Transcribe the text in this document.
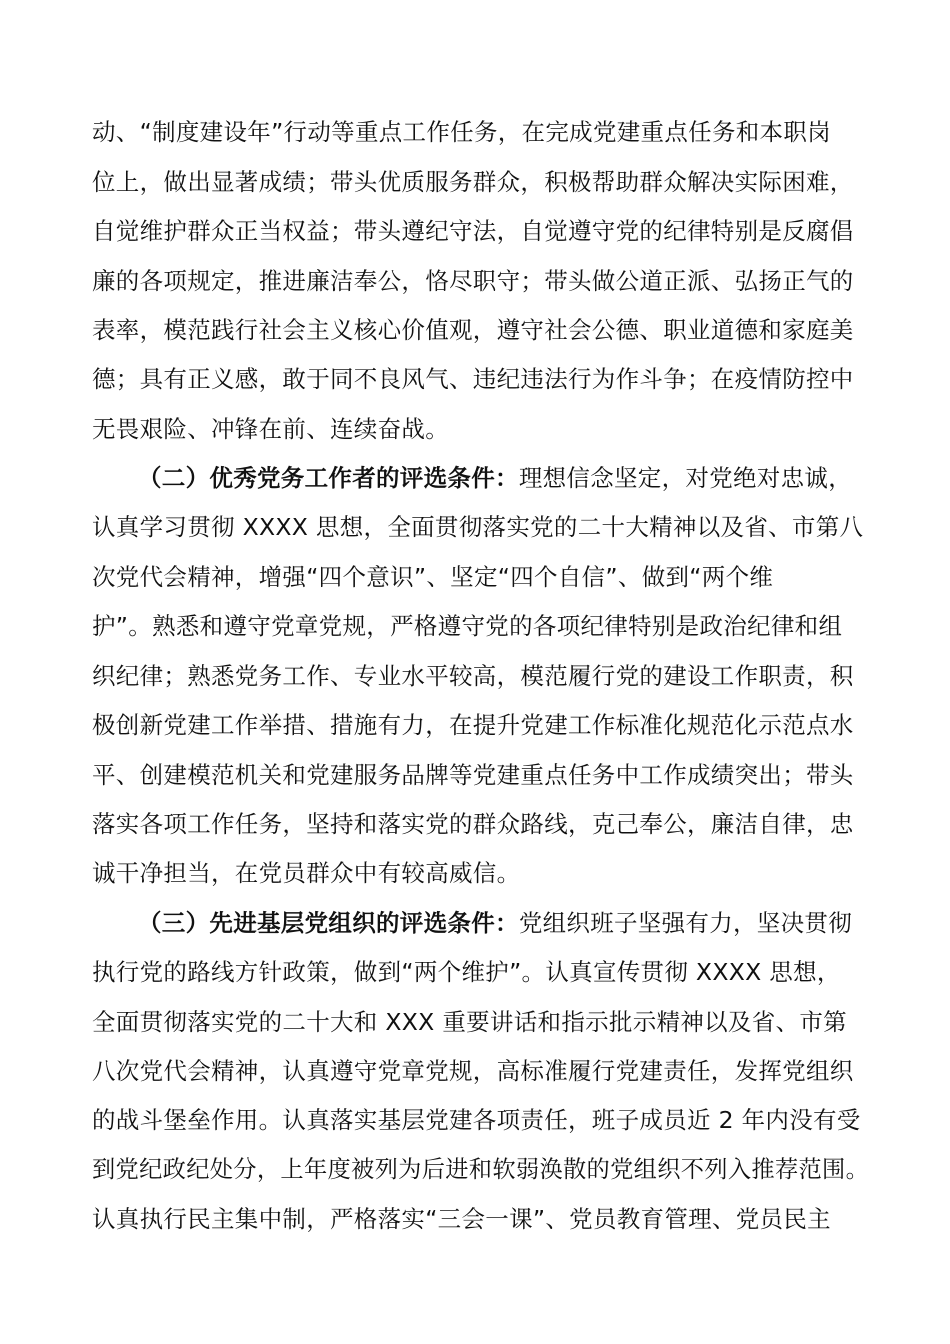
动、“制度建设年”行动等重点工作任务，在完成党建重点任务和本职岗
位上，做出显著成绩；带头优质服务群众，积极帮助群众解决实际困难，
自觉维护群众正当权益；带头遵纪守法，自觉遵守党的纪律特别是反腐倡
廉的各项规定，推进廉洁奉公，恪尽职守；带头做公道正派、弘扬正气的
表率，模范践行社会主义核心价值观，遵守社会公德、职业道德和家庭美
德；具有正义感，敢于同不良风气、违纪违法行为作斗争；在疫情防控中
无畏艰险、冲锋在前、连续奋战。
（二）优秀党务工作者的评选条件：理想信念坚定，对党绝对忠诚，
认真学习贯彻 XXXX 思想，全面贯彻落实党的二十大精神以及省、市第八
次党代会精神，增强“四个意识”、坚定“四个自信”、做到“两个维
护”。熟悉和遵守党章党规，严格遵守党的各项纪律特别是政治纪律和组
织纪律；熟悉党务工作、专业水平较高，模范履行党的建设工作职责，积
极创新党建工作举措、措施有力，在提升党建工作标准化规范化示范点水
平、创建模范机关和党建服务品牌等党建重点任务中工作成绩突出；带头
落实各项工作任务，坚持和落实党的群众路线，克己奉公，廉洁自律，忠
诚干净担当，在党员群众中有较高威信。
（三）先进基层党组织的评选条件：党组织班子坚强有力，坚决贯彻
执行党的路线方针政策，做到“两个维护”。认真宣传贯彻 XXXX 思想，
全面贯彻落实党的二十大和 XXX 重要讲话和指示批示精神以及省、市第
八次党代会精神，认真遵守党章党规，高标准履行党建责任，发挥党组织
的战斗堡垒作用。认真落实基层党建各项责任，班子成员近 2 年内没有受
到党纪政纪处分，上年度被列为后进和软弱涣散的党组织不列入推荐范围。
认真执行民主集中制，严格落实“三会一课”、党员教育管理、党员民主
